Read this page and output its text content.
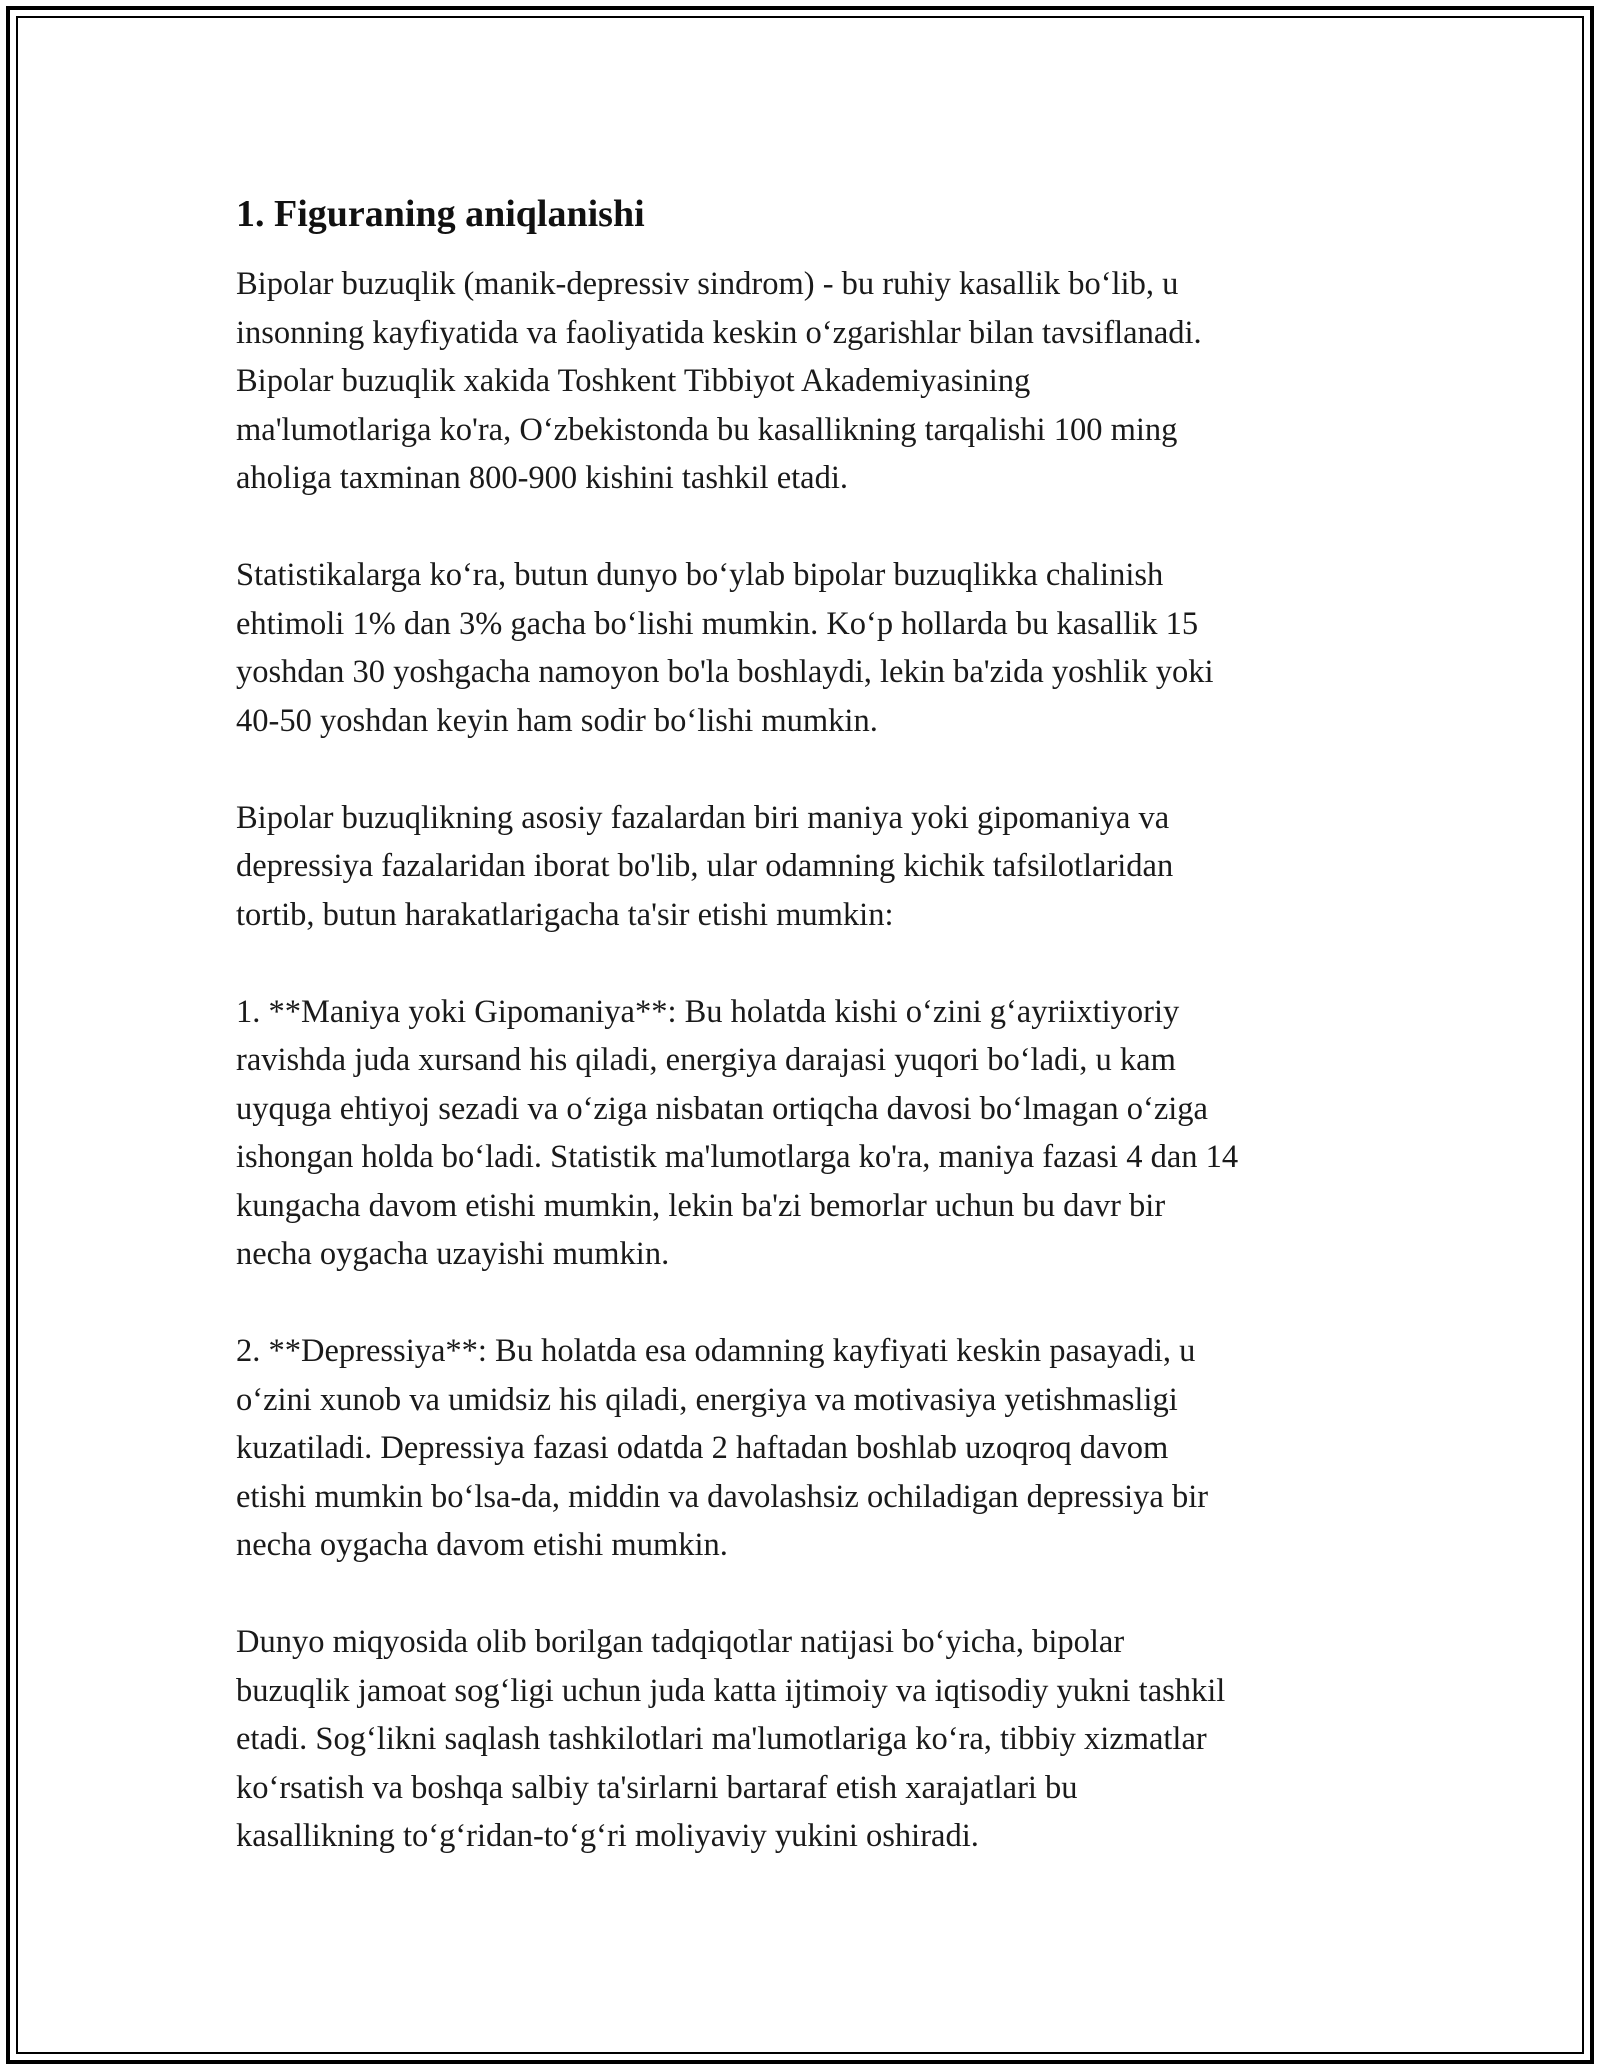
1. Figuraning aniqlanishi

Bipolar buzuqlik (manik-depressiv sindrom) - bu ruhiy kasallik bo‘lib, u
insonning kayfiyatida va faoliyatida keskin o‘zgarishlar bilan tavsiflanadi.
Bipolar buzuqlik xakida Toshkent Tibbiyot Akademiyasining
ma'lumotlariga ko'ra, O‘zbekistonda bu kasallikning tarqalishi 100 ming
aholiga taxminan 800-900 kishini tashkil etadi.

Statistikalarga ko‘ra, butun dunyo bo‘ylab bipolar buzuqlikka chalinish
ehtimoli 1% dan 3% gacha bo‘lishi mumkin. Ko‘p hollarda bu kasallik 15
yoshdan 30 yoshgacha namoyon bo'la boshlaydi, lekin ba'zida yoshlik yoki
40-50 yoshdan keyin ham sodir bo‘lishi mumkin.

Bipolar buzuqlikning asosiy fazalardan biri maniya yoki gipomaniya va
depressiya fazalaridan iborat bo'lib, ular odamning kichik tafsilotlaridan
tortib, butun harakatlarigacha ta'sir etishi mumkin:

1. **Maniya yoki Gipomaniya**: Bu holatda kishi o‘zini g‘ayriixtiyoriy
ravishda juda xursand his qiladi, energiya darajasi yuqori bo‘ladi, u kam
uyquga ehtiyoj sezadi va o‘ziga nisbatan ortiqcha davosi bo‘lmagan o‘ziga
ishongan holda bo‘ladi. Statistik ma'lumotlarga ko'ra, maniya fazasi 4 dan 14
kungacha davom etishi mumkin, lekin ba'zi bemorlar uchun bu davr bir
necha oygacha uzayishi mumkin.

2. **Depressiya**: Bu holatda esa odamning kayfiyati keskin pasayadi, u
o‘zini xunob va umidsiz his qiladi, energiya va motivasiya yetishmasligi
kuzatiladi. Depressiya fazasi odatda 2 haftadan boshlab uzoqroq davom
etishi mumkin bo‘lsa-da, middin va davolashsiz ochiladigan depressiya bir
necha oygacha davom etishi mumkin.

Dunyo miqyosida olib borilgan tadqiqotlar natijasi bo‘yicha, bipolar
buzuqlik jamoat sog‘ligi uchun juda katta ijtimoiy va iqtisodiy yukni tashkil
etadi. Sog‘likni saqlash tashkilotlari ma'lumotlariga ko‘ra, tibbiy xizmatlar
ko‘rsatish va boshqa salbiy ta'sirlarni bartaraf etish xarajatlari bu
kasallikning to‘g‘ridan-to‘g‘ri moliyaviy yukini oshiradi.
